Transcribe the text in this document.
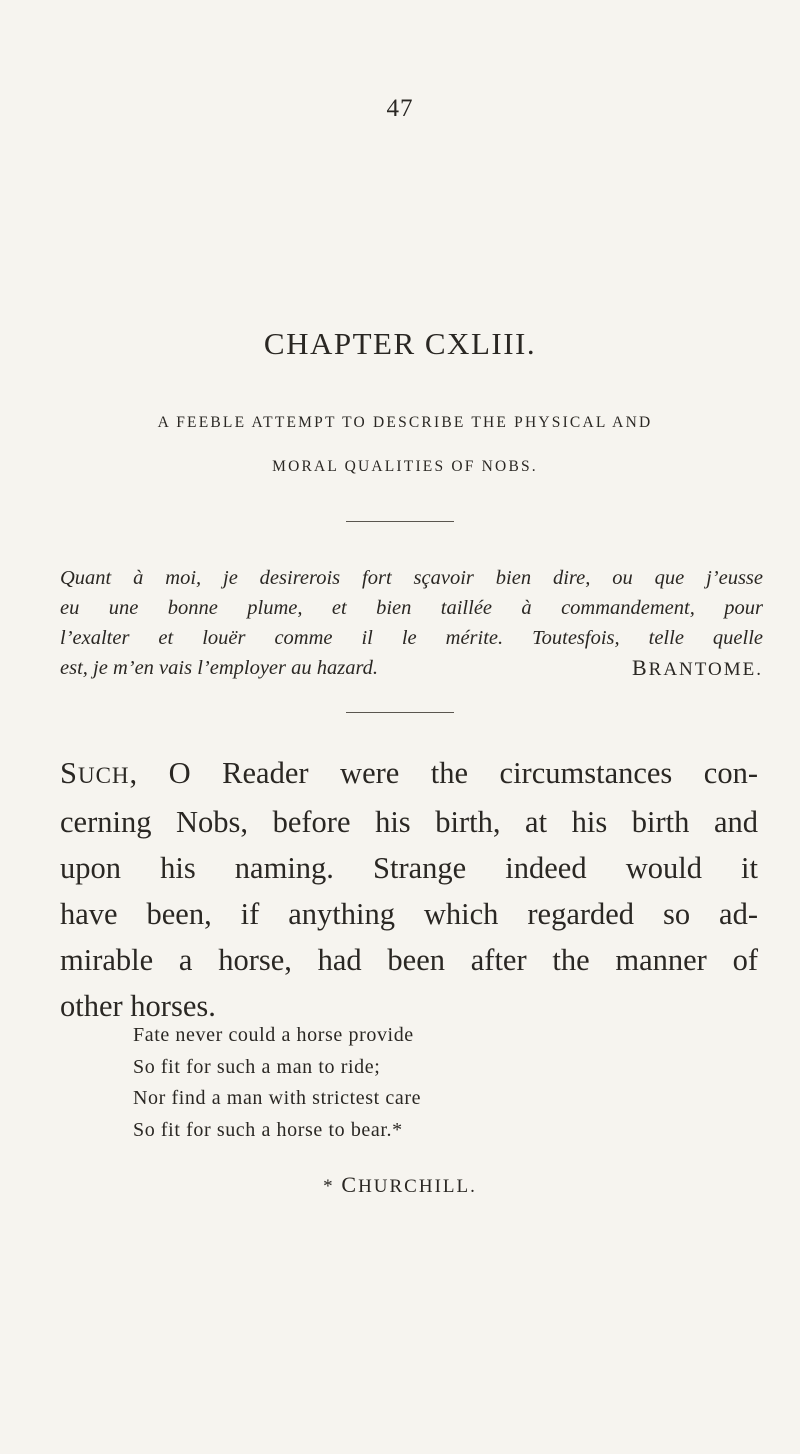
47
CHAPTER CXLIII.
A FEEBLE ATTEMPT TO DESCRIBE THE PHYSICAL AND
MORAL QUALITIES OF NOBS.
Quant à moi, je desirerois fort sçavoir bien dire, ou que j’eusse
eu une bonne plume, et bien taillée à commandement, pour
l’exalter et louër comme il le mérite. Toutesfois, telle quelle
est, je m’en vais l’employer au hazard.	BRANTOME.
SUCH, O Reader were the circumstances con-
cerning Nobs, before his birth, at his birth and
upon his naming. Strange indeed would it
have been, if anything which regarded so ad-
mirable a horse, had been after the manner of
other horses.
Fate never could a horse provide
So fit for such a man to ride;
Nor find a man with strictest care
So fit for such a horse to bear.*
* CHURCHILL.
